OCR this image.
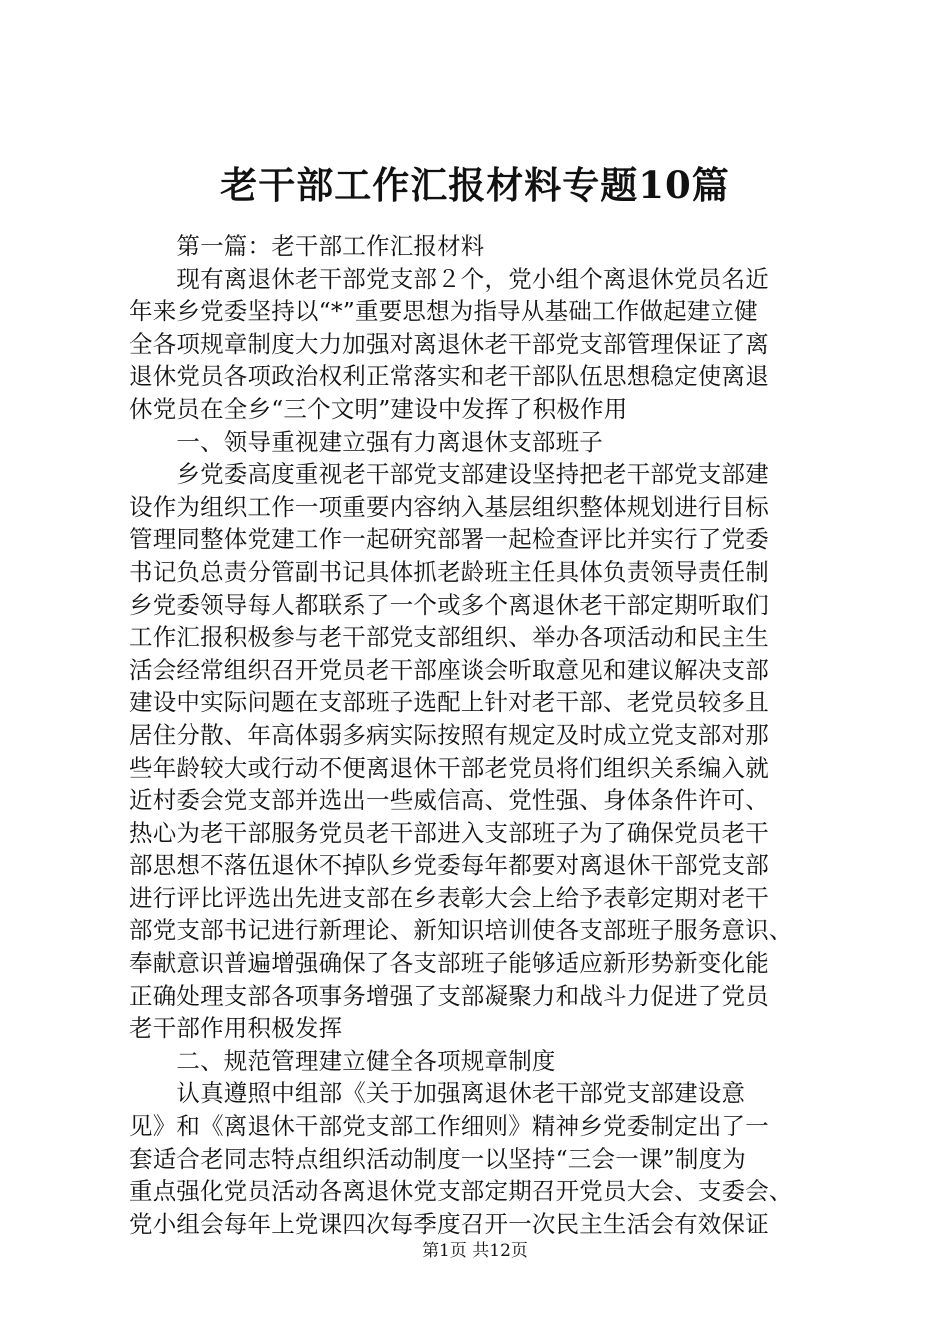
老干部工作汇报材料专题10篇
　　第一篇：老干部工作汇报材料
　　现有离退休老干部党支部２个，党小组个离退休党员名近
年来乡党委坚持以“*”重要思想为指导从基础工作做起建立健
全各项规章制度大力加强对离退休老干部党支部管理保证了离
退休党员各项政治权利正常落实和老干部队伍思想稳定使离退
休党员在全乡“三个文明”建设中发挥了积极作用
　　一、领导重视建立强有力离退休支部班子
　　乡党委高度重视老干部党支部建设坚持把老干部党支部建
设作为组织工作一项重要内容纳入基层组织整体规划进行目标
管理同整体党建工作一起研究部署一起检查评比并实行了党委
书记负总责分管副书记具体抓老龄班主任具体负责领导责任制
乡党委领导每人都联系了一个或多个离退休老干部定期听取们
工作汇报积极参与老干部党支部组织、举办各项活动和民主生
活会经常组织召开党员老干部座谈会听取意见和建议解决支部
建设中实际问题在支部班子选配上针对老干部、老党员较多且
居住分散、年高体弱多病实际按照有规定及时成立党支部对那
些年龄较大或行动不便离退休干部老党员将们组织关系编入就
近村委会党支部并选出一些威信高、党性强、身体条件许可、
热心为老干部服务党员老干部进入支部班子为了确保党员老干
部思想不落伍退休不掉队乡党委每年都要对离退休干部党支部
进行评比评选出先进支部在乡表彰大会上给予表彰定期对老干
部党支部书记进行新理论、新知识培训使各支部班子服务意识、
奉献意识普遍增强确保了各支部班子能够适应新形势新变化能
正确处理支部各项事务增强了支部凝聚力和战斗力促进了党员
老干部作用积极发挥
　　二、规范管理建立健全各项规章制度
　　认真遵照中组部《关于加强离退休老干部党支部建设意
见》和《离退休干部党支部工作细则》精神乡党委制定出了一
套适合老同志特点组织活动制度一以坚持“三会一课”制度为
重点强化党员活动各离退休党支部定期召开党员大会、支委会、
党小组会每年上党课四次每季度召开一次民主生活会有效保证
第1页 共12页
